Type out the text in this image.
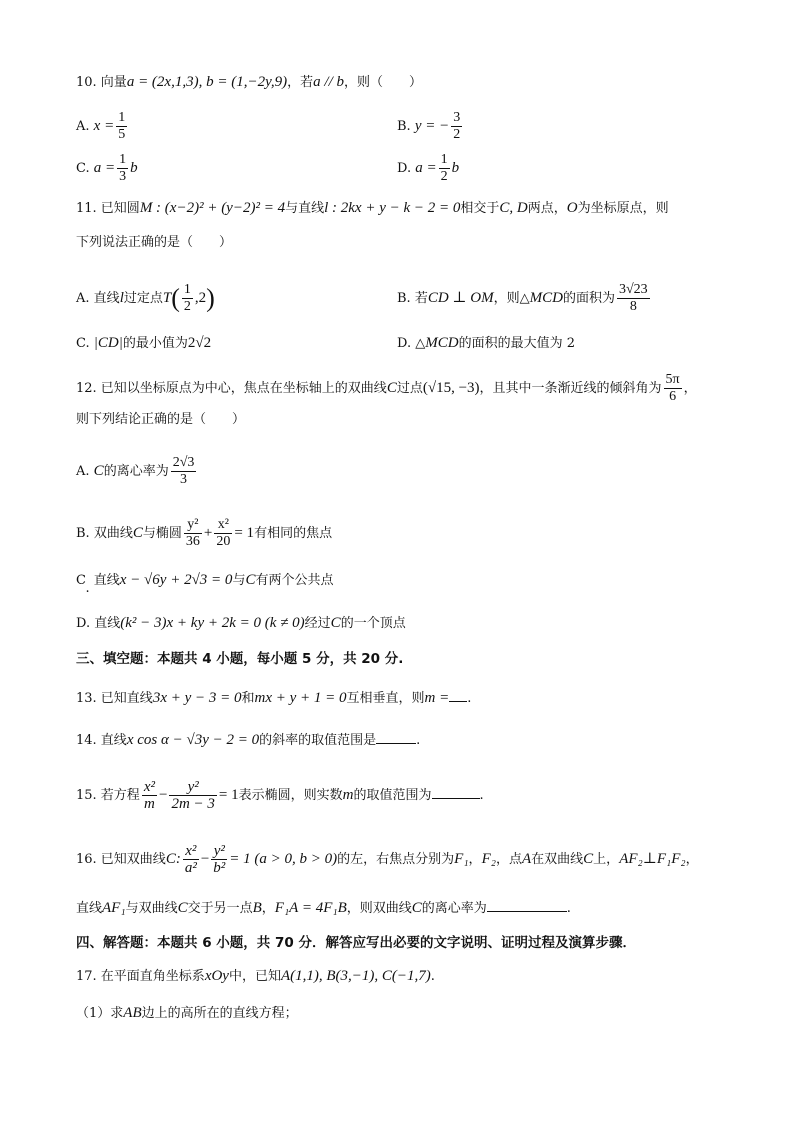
10. 向量a = (2x,1,3), b = (1,−2y,9)，若a // b，则（　　）
A. $x = \frac{1}{5}$	B. y = − $\frac{3}{2}$
C. $a = \frac{1}{3}$ b	D. $a = \frac{1}{2}$ b
11. 已知圆M : (x−2)² + (y−2)² = 4与直线l : 2kx + y − k − 2 = 0相交于C, D两点，O为坐标原点，则
下列说法正确的是（　　）
A. 直线l过定点$T( \frac{1}{2} ,2)$	B. 若CD ⊥ OM，则△MCD的面积为 $\frac{3√23}{8}$
C. |CD|的最小值为2√2	D. △MCD的面积的最大值为 2
12. 已知以坐标原点为中心，焦点在坐标轴上的双曲线C过点(√15, −3)，且其中一条渐近线的倾斜角为 $\frac{5\pi}{6}$ ，
则下列结论正确的是（　　）
A. C的离心率为 $\frac{2√3}{3}$
B. 双曲线C与椭圆 $\frac{\text{y²}}{36} + \frac{\text{x²}}{20} = 1$有相同的焦点
C. 直线x − √6y + 2√3 = 0与C有两个公共点
D. 直线(k² − 3)x + ky + 2k = 0 (k ≠ 0)经过C的一个顶点
三、填空题：本题共 4 小题，每小题 5 分，共 20 分.
13. 已知直线3x + y − 3 = 0和mx + y + 1 = 0互相垂直，则m = .
14. 直线x cos α − √3y − 2 = 0的斜率的取值范围是	.
15. 若方程 $\frac{\text{x²}}{m} - \frac{\text{y²}}{2m - 3} = 1$表示椭圆，则实数m的取值范围为	.
16. 已知双曲线C: $\frac{\text{x²}}{\text{a²}} - \frac{\text{y²}}{\text{b²}} = 1$ (a > 0, b > 0)的左，右焦点分别为F₁，F₂，点A在双曲线C上，AF₂⊥F₁F₂，
直线AF₁与双曲线C交于另一点B，F₁A = 4F₁B，则双曲线C的离心率为	.
四、解答题：本题共 6 小题，共 70 分．解答应写出必要的文字说明、证明过程及演算步骤．
17. 在平面直角坐标系xOy中，已知A(1,1), B(3,−1), C(−1,7).
（1）求AB边上的高所在的直线方程；
